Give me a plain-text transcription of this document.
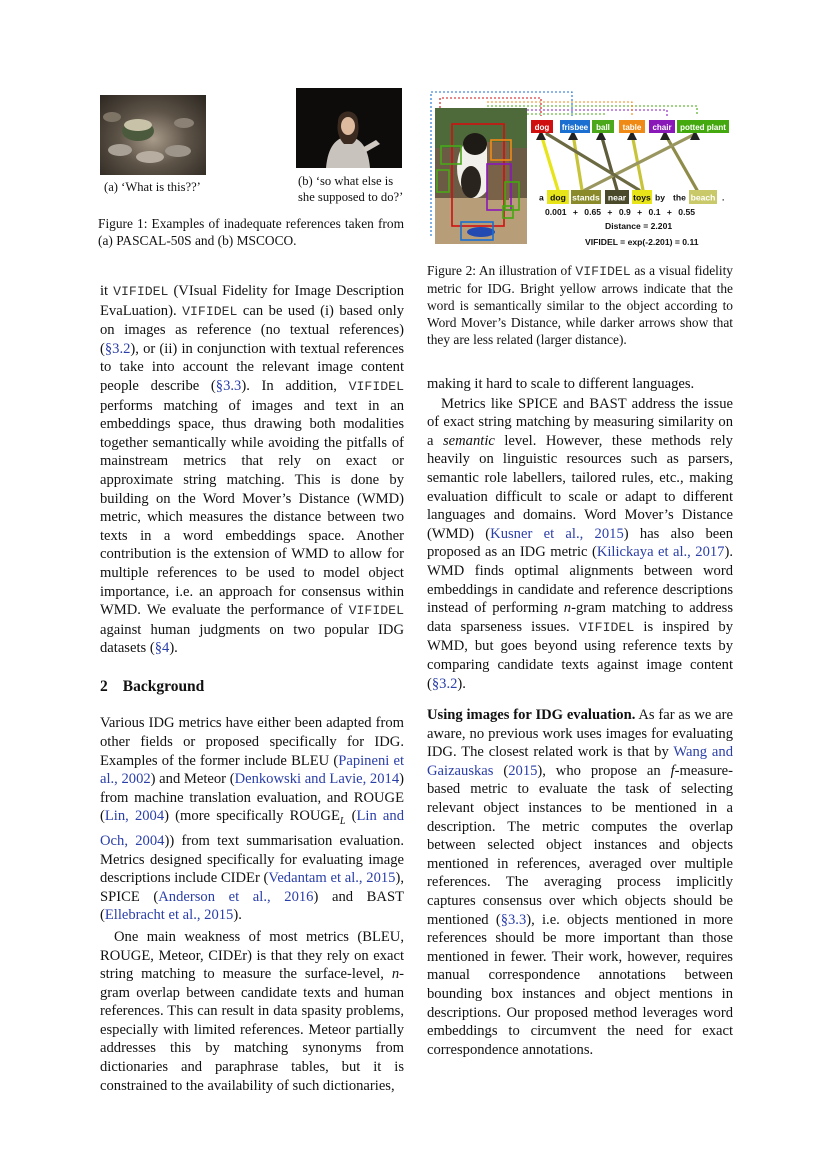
(a) ‘What is this??’	(b) ‘so what else is she supposed to do?’
Figure 1: Examples of inadequate references taken from (a) PASCAL-50S and (b) MSCOCO.
dog frisbee ball table chair potted plant
a dog stands near toys by the beach .
0.001 + 0.65 + 0.9 + 0.1 + 0.55
Distance = 2.201
VIFIDEL = exp(-2.201) = 0.11
Figure 2: An illustration of VIFIDEL as a visual fidelity metric for IDG. Bright yellow arrows indicate that the word is semantically similar to the object according to Word Mover’s Distance, while darker arrows show that they are less related (larger distance).

it VIFIDEL (VIsual Fidelity for Image Description EvaLuation). VIFIDEL can be used (i) based only on images as reference (no textual references) (§3.2), or (ii) in conjunction with textual references to take into account the relevant image content people describe (§3.3). In addition, VIFIDEL performs matching of images and text in an embeddings space, thus drawing both modalities together semantically while avoiding the pitfalls of mainstream metrics that rely on exact or approximate string matching. This is done by building on the Word Mover’s Distance (WMD) metric, which measures the distance between two texts in a word embeddings space. Another contribution is the extension of WMD to allow for multiple references to be used to model object importance, i.e. an approach for consensus within WMD. We evaluate the performance of VIFIDEL against human judgments on two popular IDG datasets (§4).

2 Background

Various IDG metrics have either been adapted from other fields or proposed specifically for IDG. Examples of the former include BLEU (Papineni et al., 2002) and Meteor (Denkowski and Lavie, 2014) from machine translation evaluation, and ROUGE (Lin, 2004) (more specifically $ROUGE_L$ (Lin and Och, 2004)) from text summarisation evaluation. Metrics designed specifically for evaluating image descriptions include CIDEr (Vedantam et al., 2015), SPICE (Anderson et al., 2016) and BAST (Ellebracht et al., 2015).

One main weakness of most metrics (BLEU, ROUGE, Meteor, CIDEr) is that they rely on exact string matching to measure the surface-level, n-gram overlap between candidate texts and human references. This can result in data spasity problems, especially with limited references. Meteor partially addresses this by matching synonyms from dictionaries and paraphrase tables, but it is constrained to the availability of such dictionaries,

making it hard to scale to different languages.

Metrics like SPICE and BAST address the issue of exact string matching by measuring similarity on a semantic level. However, these methods rely heavily on linguistic resources such as parsers, semantic role labellers, tailored rules, etc., making evaluation difficult to scale or adapt to different languages and domains. Word Mover’s Distance (WMD) (Kusner et al., 2015) has also been proposed as an IDG metric (Kilickaya et al., 2017). WMD finds optimal alignments between word embeddings in candidate and reference descriptions instead of performing n-gram matching to address data sparseness issues. VIFIDEL is inspired by WMD, but goes beyond using reference texts by comparing candidate texts against image content (§3.2).

Using images for IDG evaluation. As far as we are aware, no previous work uses images for evaluating IDG. The closest related work is that by Wang and Gaizauskas (2015), who propose an f-measure-based metric to evaluate the task of selecting relevant object instances to be mentioned in a description. The metric computes the overlap between selected object instances and objects mentioned in references, averaged over multiple references. The averaging process implicitly captures consensus over which objects should be mentioned (§3.3), i.e. objects mentioned in more references should be more important than those mentioned in fewer. Their work, however, requires manual correspondence annotations between bounding box instances and object mentions in descriptions. Our proposed method leverages word embeddings to circumvent the need for exact correspondence annotations.
